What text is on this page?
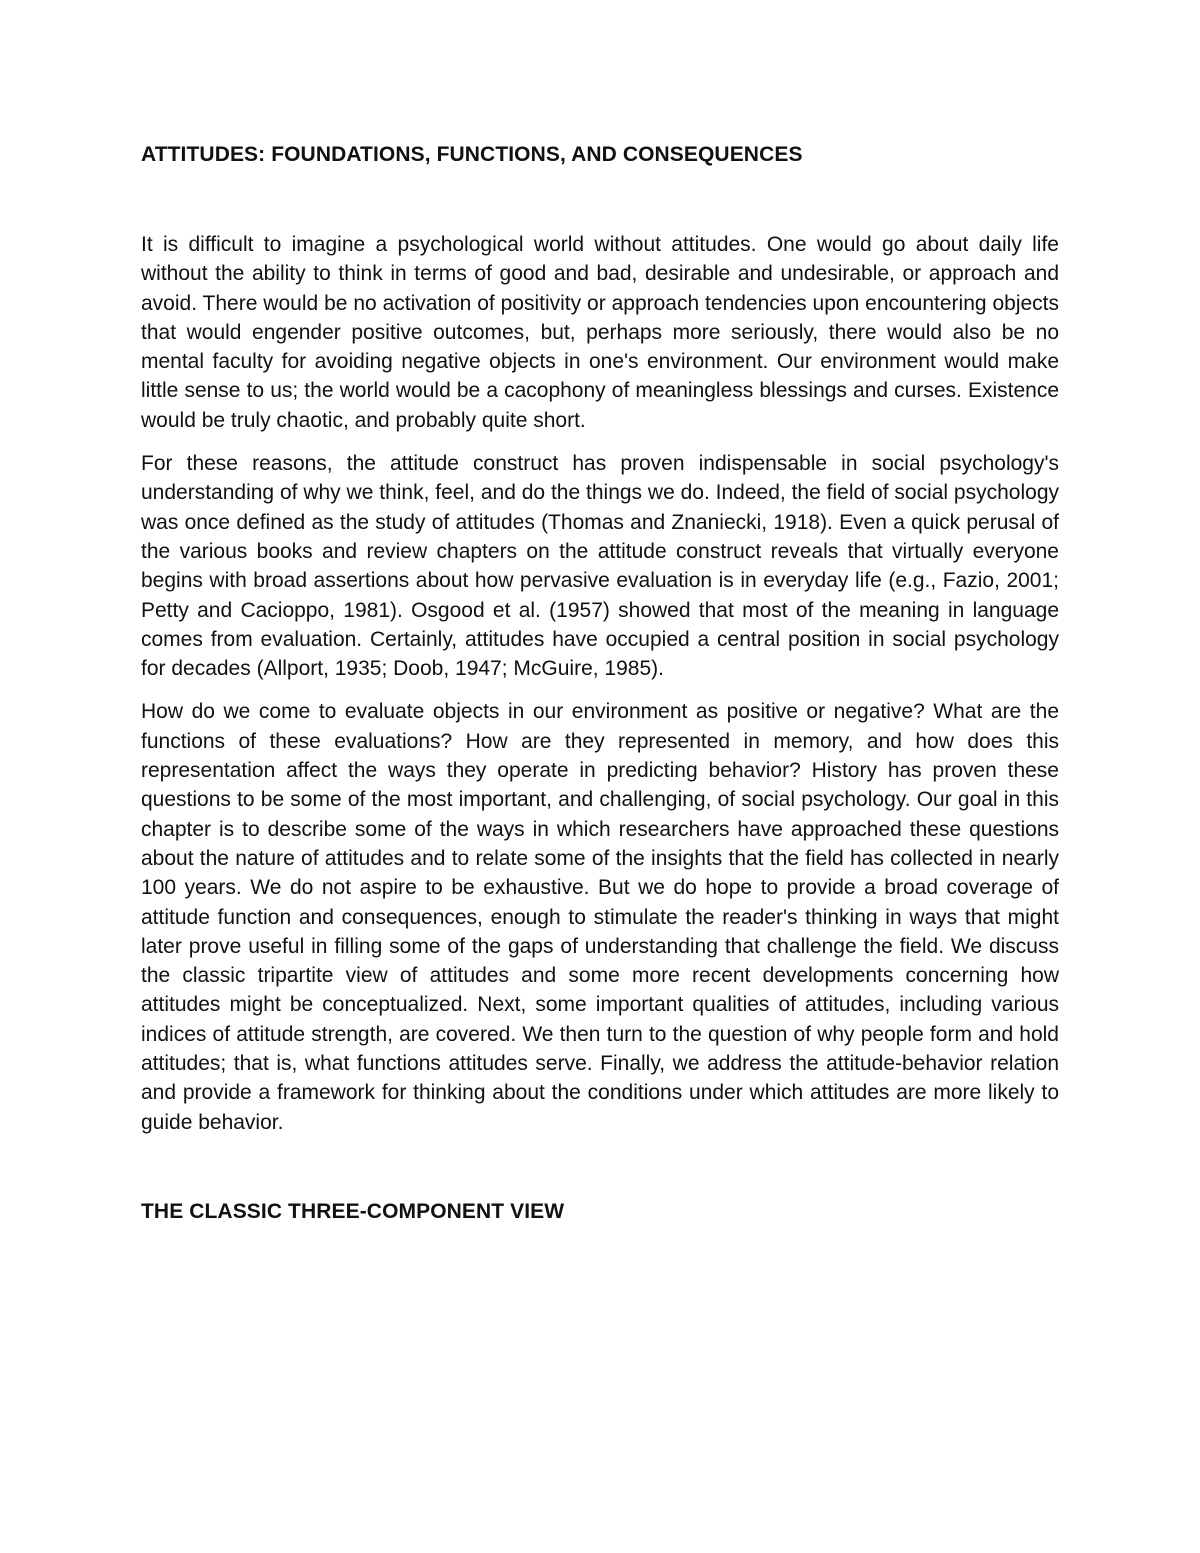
ATTITUDES: FOUNDATIONS, FUNCTIONS, AND CONSEQUENCES

It is difficult to imagine a psychological world without attitudes. One would go about daily life without the ability to think in terms of good and bad, desirable and undesirable, or approach and avoid. There would be no activation of positivity or approach tendencies upon encountering objects that would engender positive outcomes, but, perhaps more seriously, there would also be no mental faculty for avoiding negative objects in one's environment. Our environment would make little sense to us; the world would be a cacophony of meaningless blessings and curses. Existence would be truly chaotic, and probably quite short.

For these reasons, the attitude construct has proven indispensable in social psychology's understanding of why we think, feel, and do the things we do. Indeed, the field of social psychology was once defined as the study of attitudes (Thomas and Znaniecki, 1918). Even a quick perusal of the various books and review chapters on the attitude construct reveals that virtually everyone begins with broad assertions about how pervasive evaluation is in everyday life (e.g., Fazio, 2001; Petty and Cacioppo, 1981). Osgood et al. (1957) showed that most of the meaning in language comes from evaluation. Certainly, attitudes have occupied a central position in social psychology for decades (Allport, 1935; Doob, 1947; McGuire, 1985).

How do we come to evaluate objects in our environment as positive or negative? What are the functions of these evaluations? How are they represented in memory, and how does this representation affect the ways they operate in predicting behavior? History has proven these questions to be some of the most important, and challenging, of social psychology. Our goal in this chapter is to describe some of the ways in which researchers have approached these questions about the nature of attitudes and to relate some of the insights that the field has collected in nearly 100 years. We do not aspire to be exhaustive. But we do hope to provide a broad coverage of attitude function and consequences, enough to stimulate the reader's thinking in ways that might later prove useful in filling some of the gaps of understanding that challenge the field. We discuss the classic tripartite view of attitudes and some more recent developments concerning how attitudes might be conceptualized. Next, some important qualities of attitudes, including various indices of attitude strength, are covered. We then turn to the question of why people form and hold attitudes; that is, what functions attitudes serve. Finally, we address the attitude-behavior relation and provide a framework for thinking about the conditions under which attitudes are more likely to guide behavior.

THE CLASSIC THREE-COMPONENT VIEW
